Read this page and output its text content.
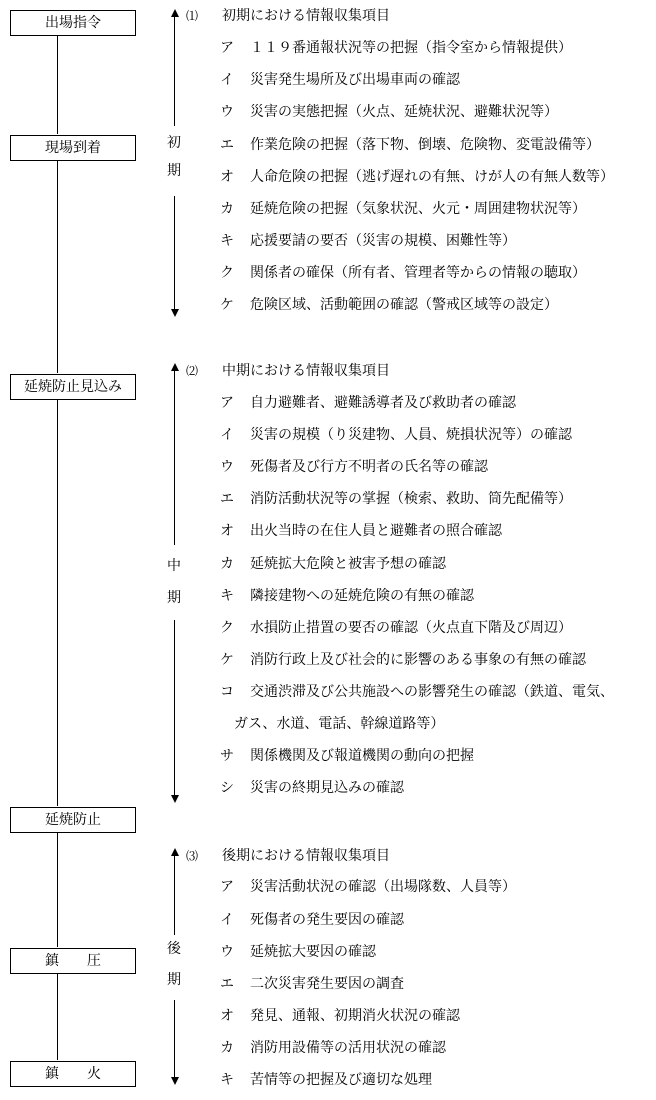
出場指令
現場到着
延焼防止見込み
延焼防止
鎮　　圧
鎮　　火
初
期
中
期
後
期
⑴ 初期における情報収集項目
ア １１９番通報状況等の把握（指令室から情報提供）
イ 災害発生場所及び出場車両の確認
ウ 災害の実態把握（火点、延焼状況、避難状況等）
エ 作業危険の把握（落下物、倒壊、危険物、変電設備等）
オ 人命危険の把握（逃げ遅れの有無、けが人の有無人数等）
カ 延焼危険の把握（気象状況、火元・周囲建物状況等）
キ 応援要請の要否（災害の規模、困難性等）
ク 関係者の確保（所有者、管理者等からの情報の聴取）
ケ 危険区域、活動範囲の確認（警戒区域等の設定）
⑵ 中期における情報収集項目
ア 自力避難者、避難誘導者及び救助者の確認
イ 災害の規模（り災建物、人員、焼損状況等）の確認
ウ 死傷者及び行方不明者の氏名等の確認
エ 消防活動状況等の掌握（検索、救助、筒先配備等）
オ 出火当時の在住人員と避難者の照合確認
カ 延焼拡大危険と被害予想の確認
キ 隣接建物への延焼危険の有無の確認
ク 水損防止措置の要否の確認（火点直下階及び周辺）
ケ 消防行政上及び社会的に影響のある事象の有無の確認
コ 交通渋滞及び公共施設への影響発生の確認（鉄道、電気、
ガス、水道、電話、幹線道路等）
サ 関係機関及び報道機関の動向の把握
シ 災害の終期見込みの確認
⑶ 後期における情報収集項目
ア 災害活動状況の確認（出場隊数、人員等）
イ 死傷者の発生要因の確認
ウ 延焼拡大要因の確認
エ 二次災害発生要因の調査
オ 発見、通報、初期消火状況の確認
カ 消防用設備等の活用状況の確認
キ 苦情等の把握及び適切な処理
